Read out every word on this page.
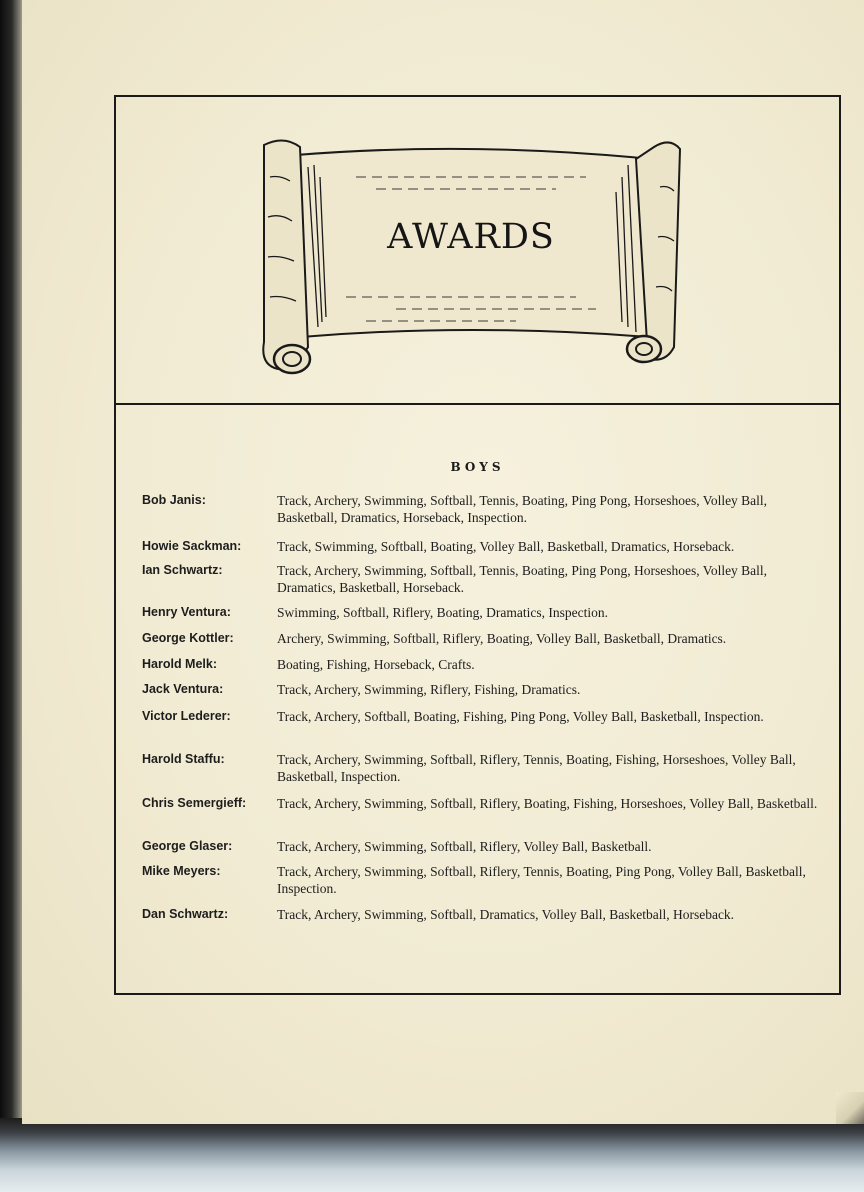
AWARDS
BOYS
Bob Janis:	Track, Archery, Swimming, Softball, Tennis, Boating, Ping Pong, Horseshoes, Volley Ball, Basketball, Dramatics, Horseback, Inspection.
Howie Sackman:	Track, Swimming, Softball, Boating, Volley Ball, Basketball, Dramatics, Horseback.
Ian Schwartz:	Track, Archery, Swimming, Softball, Tennis, Boating, Ping Pong, Horseshoes, Volley Ball, Dramatics, Basketball, Horseback.
Henry Ventura:	Swimming, Softball, Riflery, Boating, Dramatics, Inspection.
George Kottler:	Archery, Swimming, Softball, Riflery, Boating, Volley Ball, Basketball, Dramatics.
Harold Melk:	Boating, Fishing, Horseback, Crafts.
Jack Ventura:	Track, Archery, Swimming, Riflery, Fishing, Dramatics.
Victor Lederer:	Track, Archery, Softball, Boating, Fishing, Ping Pong, Volley Ball, Basketball, Inspection.
Harold Staffu:	Track, Archery, Swimming, Softball, Riflery, Tennis, Boating, Fishing, Horseshoes, Volley Ball, Basketball, Inspection.
Chris Semergieff:	Track, Archery, Swimming, Softball, Riflery, Boating, Fishing, Horseshoes, Volley Ball, Basketball.
George Glaser:	Track, Archery, Swimming, Softball, Riflery, Volley Ball, Basketball.
Mike Meyers:	Track, Archery, Swimming, Softball, Riflery, Tennis, Boating, Ping Pong, Volley Ball, Basketball, Inspection.
Dan Schwartz:	Track, Archery, Swimming, Softball, Dramatics, Volley Ball, Basketball, Horseback.
